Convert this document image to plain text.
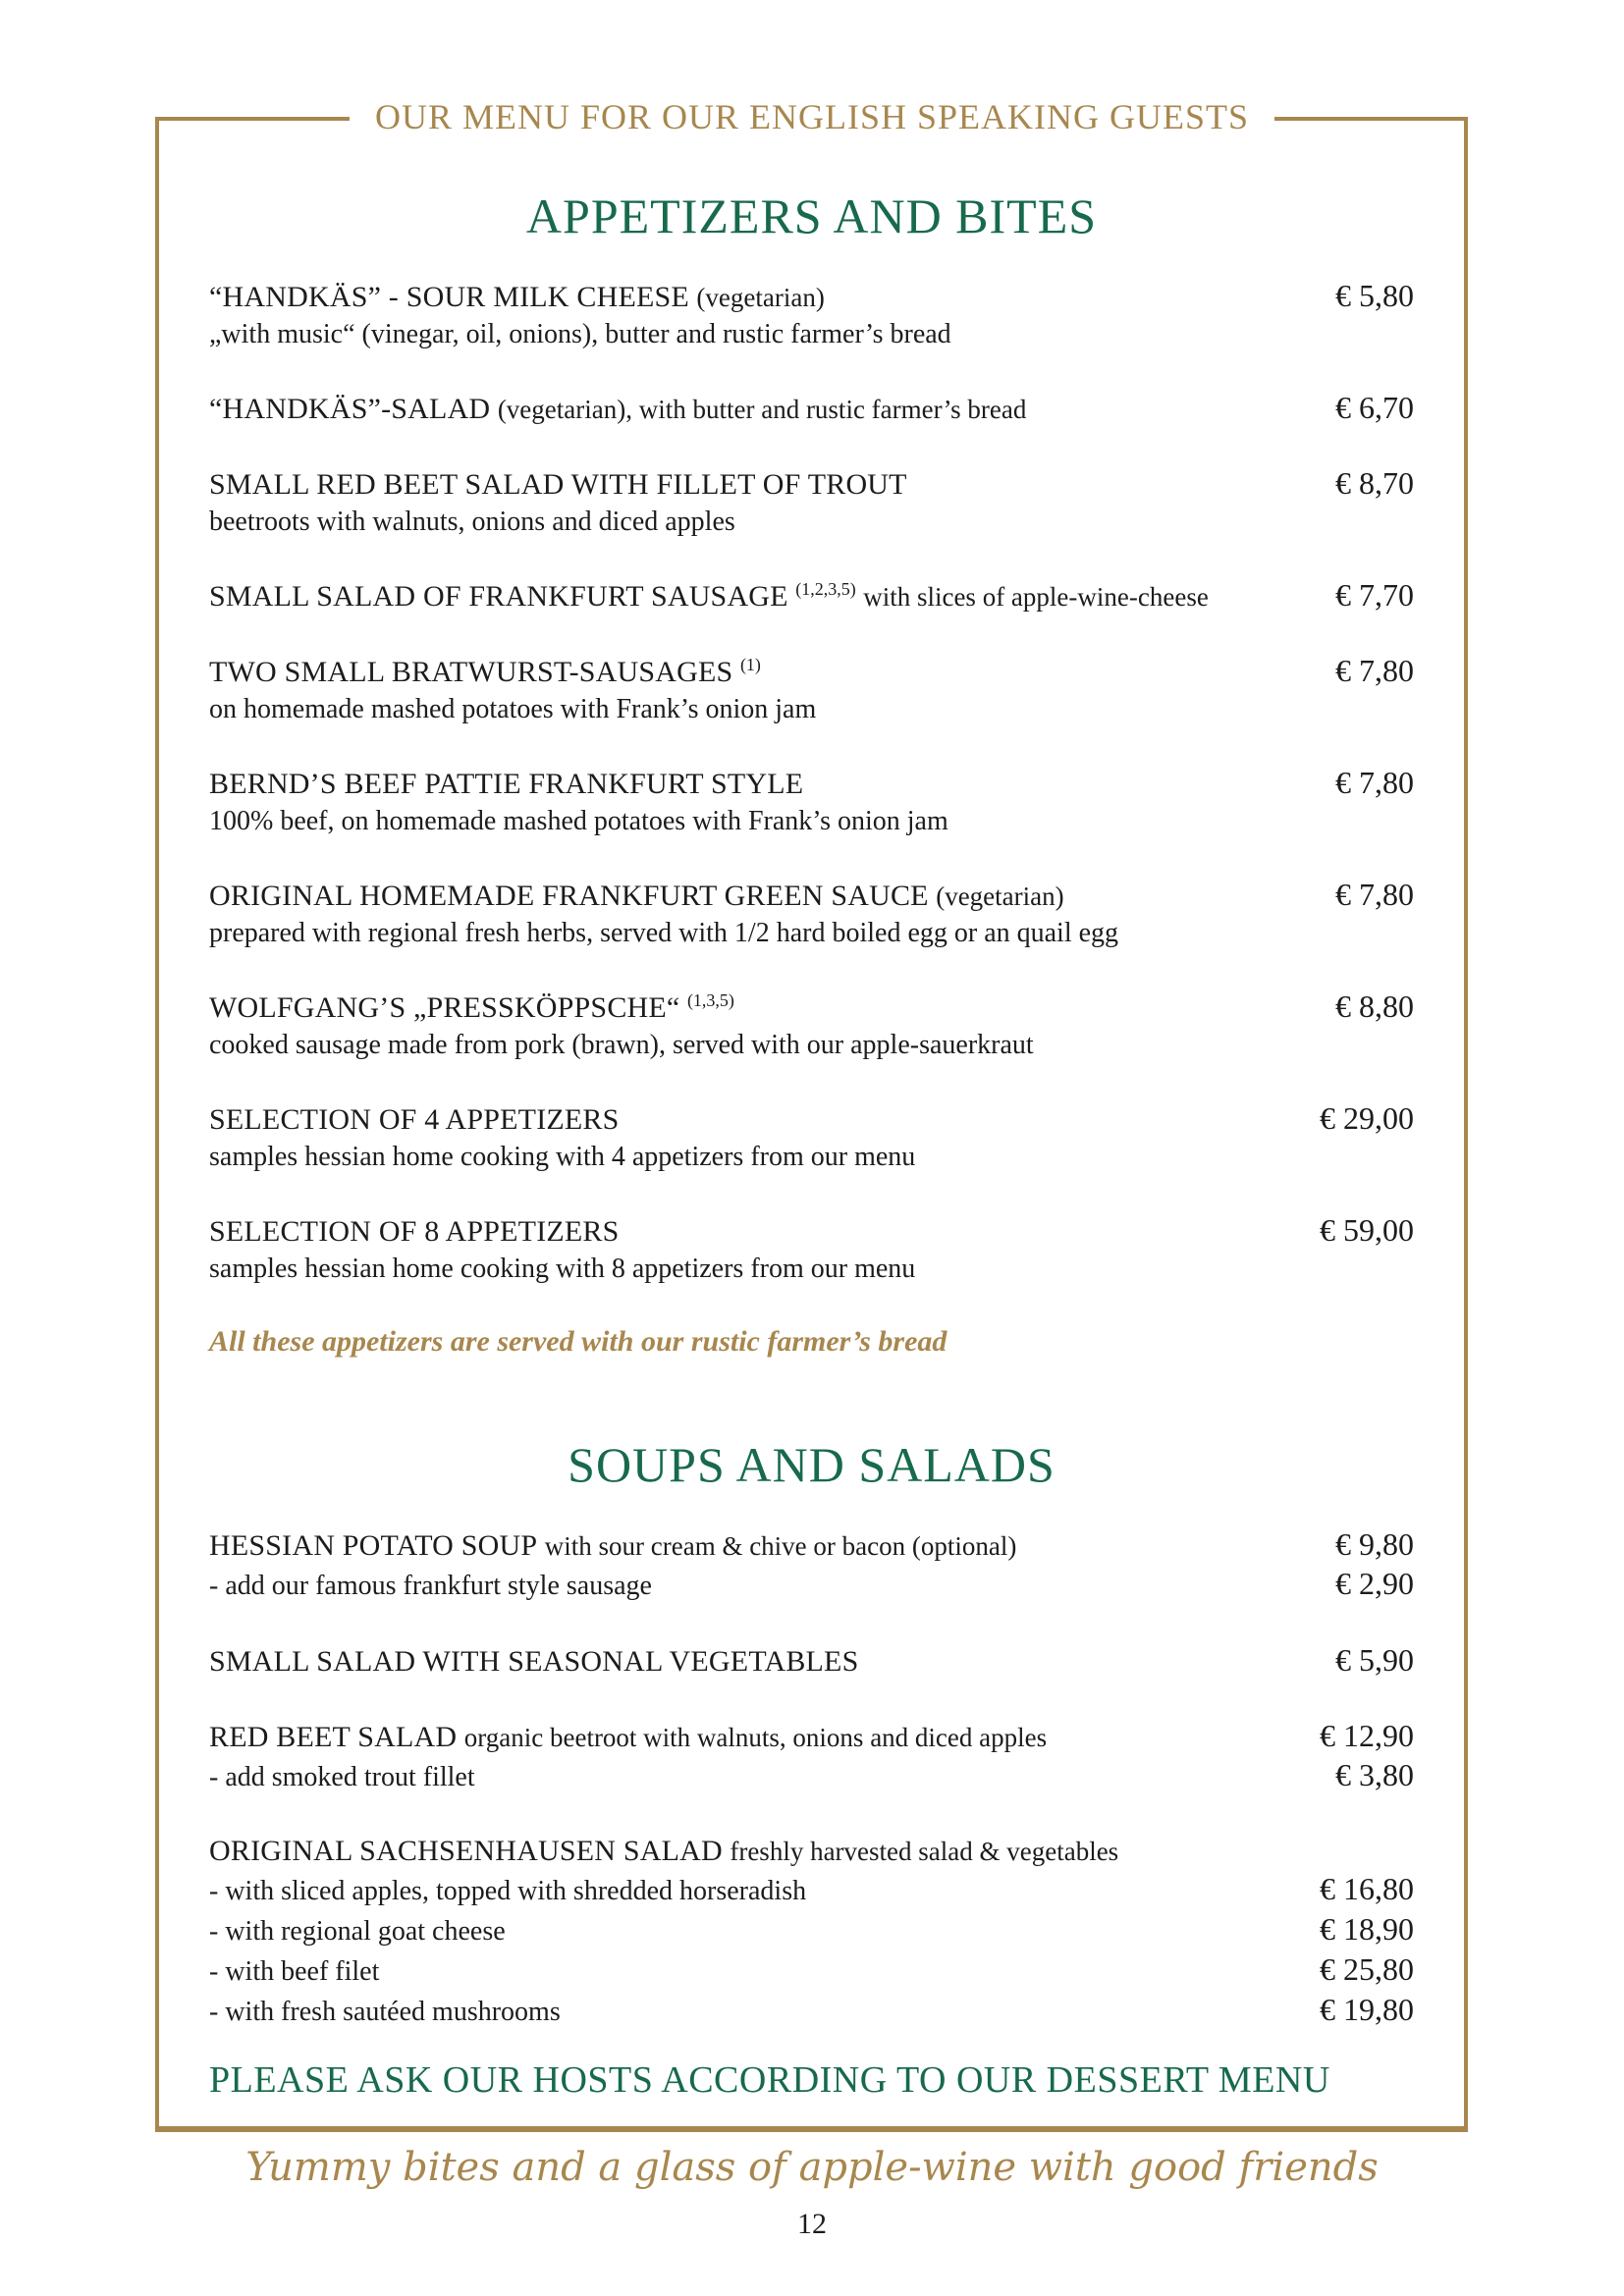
OUR MENU FOR OUR ENGLISH SPEAKING GUESTS
APPETIZERS AND BITES
“HANDKÄS” - SOUR MILK CHEESE (vegetarian)	€ 5,80
„with music“ (vinegar, oil, onions), butter and rustic farmer’s bread
“HANDKÄS”-SALAD (vegetarian), with butter and rustic farmer’s bread	€ 6,70
SMALL RED BEET SALAD WITH FILLET OF TROUT	€ 8,70
beetroots with walnuts, onions and diced apples
SMALL SALAD OF FRANKFURT SAUSAGE $^{(1,2,3,5)}$ with slices of apple-wine-cheese	€ 7,70
TWO SMALL BRATWURST-SAUSAGES $^{(1)}$	€ 7,80
on homemade mashed potatoes with Frank’s onion jam
BERND’S BEEF PATTIE FRANKFURT STYLE	€ 7,80
100% beef, on homemade mashed potatoes with Frank’s onion jam
ORIGINAL HOMEMADE FRANKFURT GREEN SAUCE (vegetarian)	€ 7,80
prepared with regional fresh herbs, served with 1/2 hard boiled egg or an quail egg
WOLFGANG’S „PRESSKÖPPSCHE“ $^{(1,3,5)}$	€ 8,80
cooked sausage made from pork (brawn), served with our apple-sauerkraut
SELECTION OF 4 APPETIZERS	€ 29,00
samples hessian home cooking with 4 appetizers from our menu
SELECTION OF 8 APPETIZERS	€ 59,00
samples hessian home cooking with 8 appetizers from our menu

All these appetizers are served with our rustic farmer’s bread

SOUPS AND SALADS
HESSIAN POTATO SOUP with sour cream & chive or bacon (optional)	€ 9,80
- add our famous frankfurt style sausage	€ 2,90
SMALL SALAD WITH SEASONAL VEGETABLES	€ 5,90
RED BEET SALAD organic beetroot with walnuts, onions and diced apples	€ 12,90
- add smoked trout fillet	€ 3,80
ORIGINAL SACHSENHAUSEN SALAD freshly harvested salad & vegetables
- with sliced apples, topped with shredded horseradish	€ 16,80
- with regional goat cheese	€ 18,90
- with beef filet	€ 25,80
- with fresh sautéed mushrooms	€ 19,80
PLEASE ASK OUR HOSTS ACCORDING TO OUR DESSERT MENU
Yummy bites and a glass of apple-wine with good friends
12
